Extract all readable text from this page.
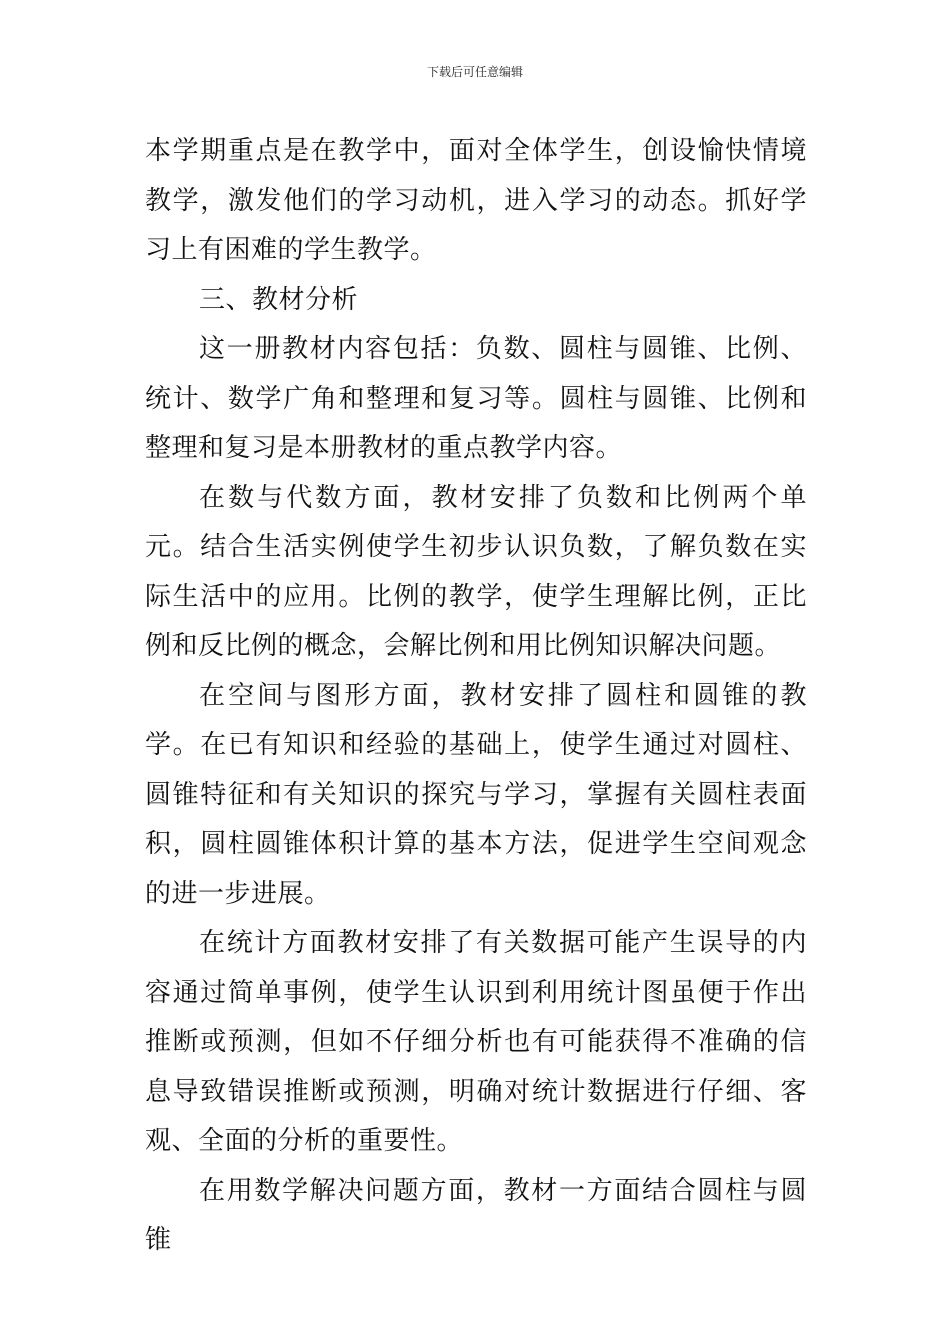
下载后可任意编辑

本学期重点是在教学中，面对全体学生，创设愉快情境教学，激发他们的学习动机，进入学习的动态。抓好学习上有困难的学生教学。

三、教材分析

这一册教材内容包括：负数、圆柱与圆锥、比例、统计、数学广角和整理和复习等。圆柱与圆锥、比例和整理和复习是本册教材的重点教学内容。

在数与代数方面，教材安排了负数和比例两个单元。结合生活实例使学生初步认识负数，了解负数在实际生活中的应用。比例的教学，使学生理解比例，正比例和反比例的概念，会解比例和用比例知识解决问题。

在空间与图形方面，教材安排了圆柱和圆锥的教学。在已有知识和经验的基础上，使学生通过对圆柱、圆锥特征和有关知识的探究与学习，掌握有关圆柱表面积，圆柱圆锥体积计算的基本方法，促进学生空间观念的进一步进展。

在统计方面教材安排了有关数据可能产生误导的内容通过简单事例，使学生认识到利用统计图虽便于作出推断或预测，但如不仔细分析也有可能获得不准确的信息导致错误推断或预测，明确对统计数据进行仔细、客观、全面的分析的重要性。

在用数学解决问题方面，教材一方面结合圆柱与圆锥
